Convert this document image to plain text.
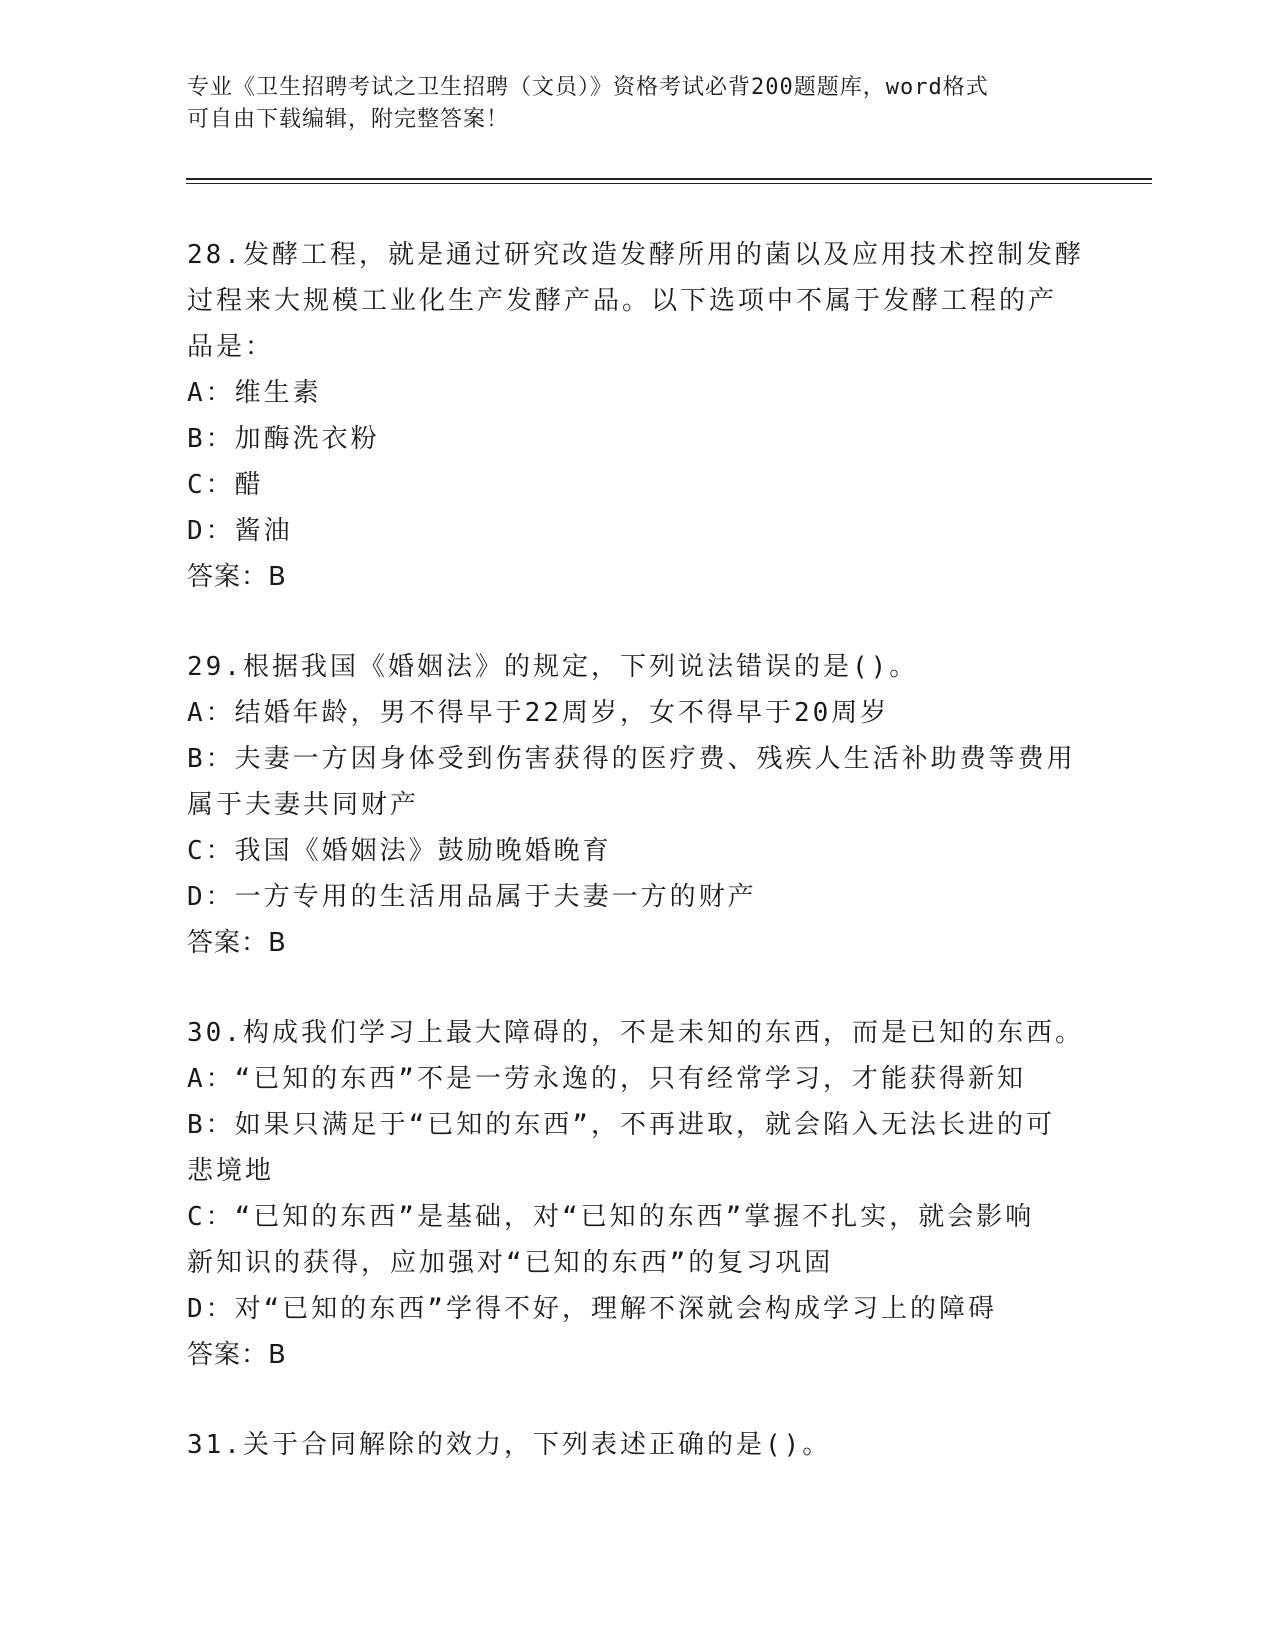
专业《卫生招聘考试之卫生招聘（文员）》资格考试必背200题题库，word格式
可自由下载编辑，附完整答案！

28.发酵工程，就是通过研究改造发酵所用的菌以及应用技术控制发酵

过程来大规模工业化生产发酵产品。以下选项中不属于发酵工程的产

品是：

A：维生素

B：加酶洗衣粉

C：醋

D：酱油

答案：B

29.根据我国《婚姻法》的规定，下列说法错误的是()。

A：结婚年龄，男不得早于22周岁，女不得早于20周岁

B：夫妻一方因身体受到伤害获得的医疗费、残疾人生活补助费等费用

属于夫妻共同财产

C：我国《婚姻法》鼓励晚婚晚育

D：一方专用的生活用品属于夫妻一方的财产

答案：B

30.构成我们学习上最大障碍的，不是未知的东西，而是已知的东西。

A：“已知的东西”不是一劳永逸的，只有经常学习，才能获得新知

B：如果只满足于“已知的东西”，不再进取，就会陷入无法长进的可

悲境地

C：“已知的东西”是基础，对“已知的东西”掌握不扎实，就会影响

新知识的获得，应加强对“已知的东西”的复习巩固

D：对“已知的东西”学得不好，理解不深就会构成学习上的障碍

答案：B

31.关于合同解除的效力，下列表述正确的是()。
